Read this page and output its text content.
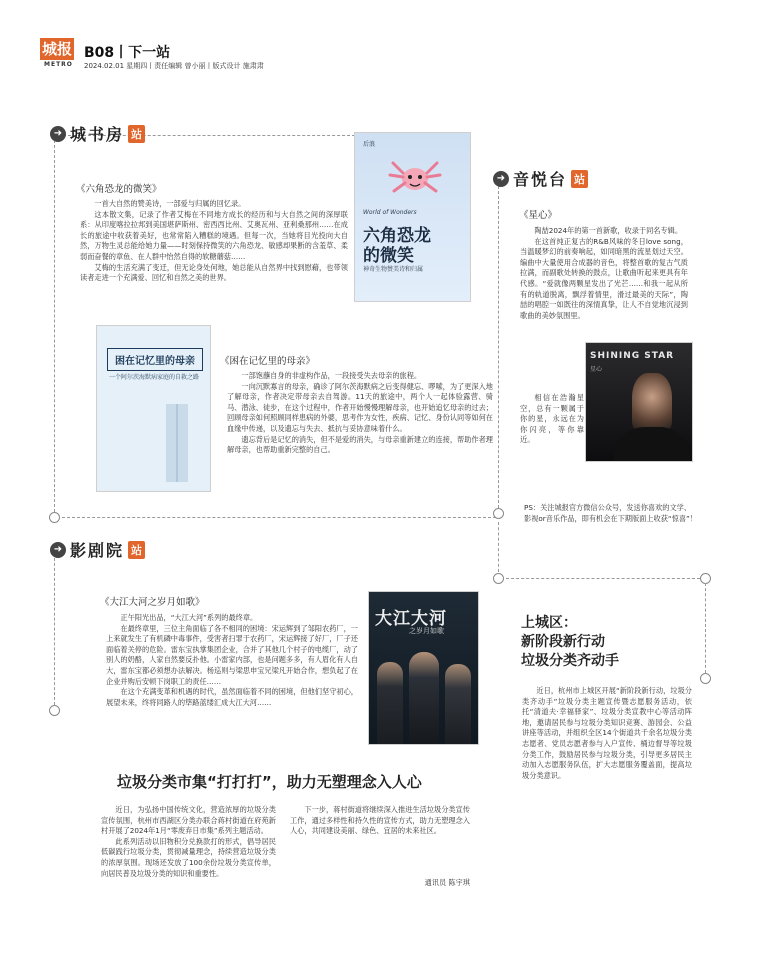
城报
METRO
B08丨下一站
2024.02.01 星期四丨责任编辑 曾小丽丨版式设计 施肃肃
➜ 城书房 站
《六角恐龙的微笑》

一首大自然的赞美诗，一部爱与归属的回忆录。

这本散文集，记录了作者艾梅在不同地方成长的经历和与大自然之间的深厚联系：从印度喀拉拉邦到美国堪萨斯州、密西西比州、艾奥瓦州、亚利桑那州……在成长的旅途中收获着美好，也常常陷入糟糕的境遇。但每一次，当她将目光投向大自然，万物生灵总能给她力量——时刻保持微笑的六角恐龙、敏感却果断的含羞草、柔弱而奋餐的章鱼、在人群中怡然自得的软糖蘑菇……

艾梅的生活充满了变迁，但无论身处何地，她总能从自然界中找到慰藉，也带领读者走进一个充满爱、回忆和自然之美的世界。

后浪
World of Wonders
六角恐龙
的微笑
神奇生物赞美诗和归属
困在记忆里的母亲
一个阿尔茨海默病家庭的自救之路
《困在记忆里的母亲》

一部饱蘸自身的非虚构作品，一段接受失去母亲的旅程。

一向沉默寡言的母亲，确诊了阿尔茨海默病之后变得健忘、啰嗦，为了更深入地了解母亲，作者决定带母亲去自驾游。11天的旅途中，两个人一起体验露营、骑马、潜泳、徒步，在这个过程中，作者开始慢慢理解母亲，也开始追忆母亲的过去；回顾母亲如何照顾同样患病的外婆，思考作为女性，疾病、记忆、身份认同等如何在血缘中传递，以及遗忘与失去、抵抗与妥协意味着什么。

遗忘背后是记忆的消失，但不是爱的消失，与母亲重新建立的连接，帮助作者理解母亲，也帮助重新完整的自己。

➜ 音悦台 站
《星心》

陶喆2024年的第一首新歌，收录于同名专辑。

在这首纯正复古的R&B风味的冬日love song，当温暖梦幻的前奏响起，如同暗黑的流星划过天空。编曲中大量使用合成器的音色，将整首歌的复古气质拉满，而副歌处转换的鼓点，让歌曲听起来更具有年代感。“爱就像两颗星发出了光芒……和我一起从所有的轨道脱离，飘浮着情里，滑过最美的天际”，陶喆的唱腔一如既往的深情真挚，让人不自觉地沉浸到歌曲的美妙氛围里。

相信在浩瀚星空，总有一颗属于你的星，永远在为你闪亮，等你靠近。

SHINING STAR
星心
PS：关注城报官方微信公众号，发送你喜欢的文学、影视or音乐作品，即有机会在下期版面上收获“惊喜”！
➜ 影剧院 站
《大江大河之岁月如歌》

正午阳光出品，“大江大河”系列的最终章。

在最终章里，三位主角面临了各不相同的困境：宋运辉到了邹阳农药厂，一上来就发生了有机磷中毒事件，受害者扫罪于农药厂，宋运辉接了好厂，厂子还面临着关停的危险。雷东宝执掌集团企业，合并了其他几个村子的电缆厂，动了别人的奶酪，人家自然要反扑他。小雷家内部，也是问题多多，有人眉化有人自大，雷东宝都必须想办法解决。杨巡则与梁思申宝兄梁凡开始合作，想负起了在企业并购后安顿下岗职工的责任……

在这个充满变革和机遇的时代，虽然面临着不同的困境，但他们坚守初心，展望未来，终将同路人的筚路蓝缕汇成大江大河……

大江大河
之岁月如歌	上城区：
新阶段新行动
垃圾分类齐动手

近日，杭州市上城区开展“新阶段新行动，垃圾分类齐动手”垃圾分类主题宣传暨志愿服务活动，依托“清道夫·幸福驿家”、垃圾分类宣教中心等活动阵地，邀请居民参与垃圾分类知识竞赛、游园会、公益讲座等活动，并组织全区14个街道共千余名垃圾分类志愿者、党员志愿者参与入户宣传、桶边督导等垃圾分类工作，鼓励居民参与垃圾分类，引导更多居民主动加入志愿服务队伍，扩大志愿服务覆盖面，提高垃圾分类意识。

垃圾分类市集“打打打”，助力无塑理念入人心

近日，为弘扬中国传统文化，营造浓厚的垃圾分类宣传氛围，杭州市西湖区分类办联合蒋村街道在府苑新村开展了2024年1月“零废弃日市集”系列主题活动。

此系列活动以旧物积分兑换款打的形式，倡导居民低碳践行垃圾分类，贯彻减量理念，持续营造垃圾分类的浓厚氛围。现场还发放了100余份垃圾分类宣传单，向居民普及垃圾分类的知识和重要性。

下一步，蒋村街道将继续深入推进生活垃圾分类宣传工作，通过多样性和持久性的宣传方式，助力无塑理念入人心，共同建设美丽、绿色、宜居的未来社区。

通讯员 陈宇琪
